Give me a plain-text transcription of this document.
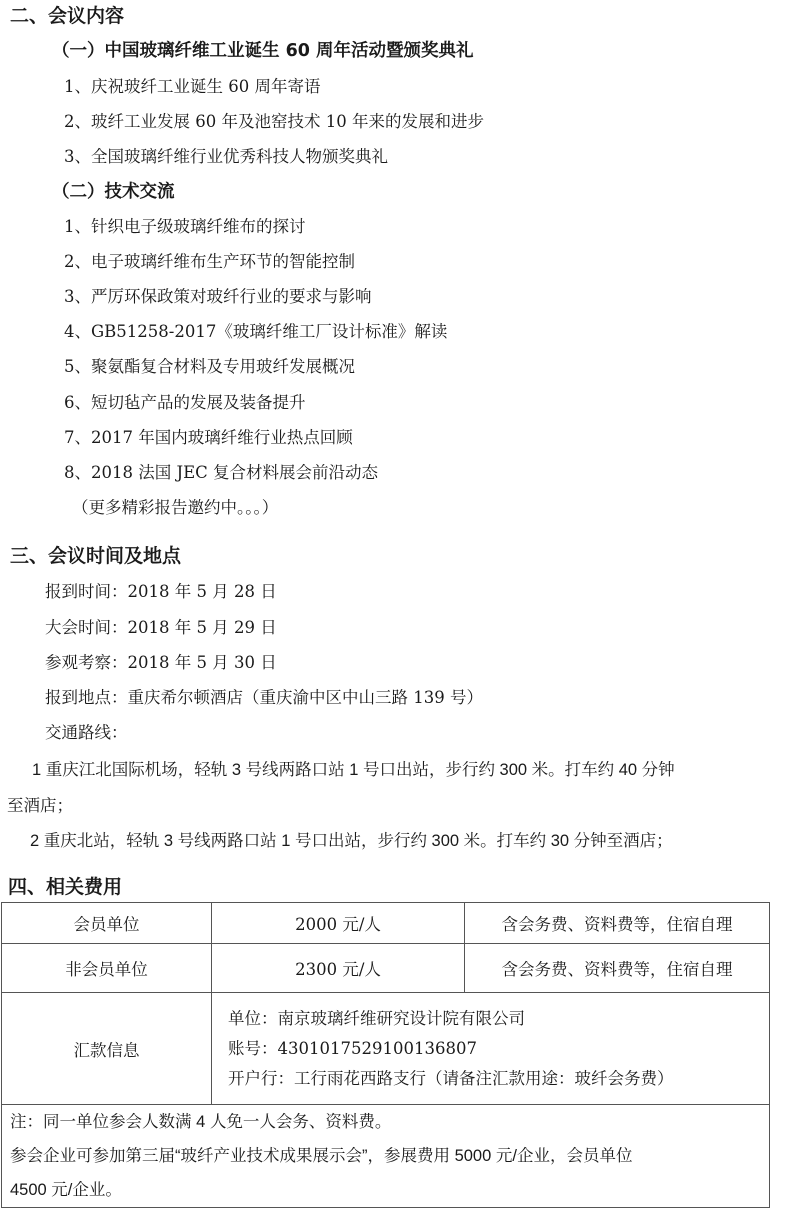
二、会议内容
（一）中国玻璃纤维工业诞生 60 周年活动暨颁奖典礼
1、庆祝玻纤工业诞生 60 周年寄语
2、玻纤工业发展 60 年及池窑技术 10 年来的发展和进步
3、全国玻璃纤维行业优秀科技人物颁奖典礼
（二）技术交流
1、针织电子级玻璃纤维布的探讨
2、电子玻璃纤维布生产环节的智能控制
3、严厉环保政策对玻纤行业的要求与影响
4、GB51258-2017《玻璃纤维工厂设计标准》解读
5、聚氨酯复合材料及专用玻纤发展概况
6、短切毡产品的发展及装备提升
7、2017 年国内玻璃纤维行业热点回顾
8、2018 法国 JEC 复合材料展会前沿动态
（更多精彩报告邀约中。。。）
三、会议时间及地点
报到时间：2018 年 5 月 28 日
大会时间：2018 年 5 月 29 日
参观考察：2018 年 5 月 30 日
报到地点：重庆希尔顿酒店（重庆渝中区中山三路 139 号）
交通路线：
1 重庆江北国际机场，轻轨 3 号线两路口站 1 号口出站，步行约 300 米。打车约 40 分钟
至酒店；
2 重庆北站，轻轨 3 号线两路口站 1 号口出站，步行约 300 米。打车约 30 分钟至酒店；
四、相关费用
会员单位	2000 元/人	含会务费、资料费等，住宿自理
非会员单位	2300 元/人	含会务费、资料费等，住宿自理
汇款信息	单位：南京玻璃纤维研究设计院有限公司
账号：4301017529100136807
开户行：工行雨花西路支行（请备注汇款用途：玻纤会务费）	

注：同一单位参会人数满 4 人免一人会务、资料费。
参会企业可参加第三届“玻纤产业技术成果展示会”，参展费用 5000 元/企业，会员单位
4500 元/企业。		
